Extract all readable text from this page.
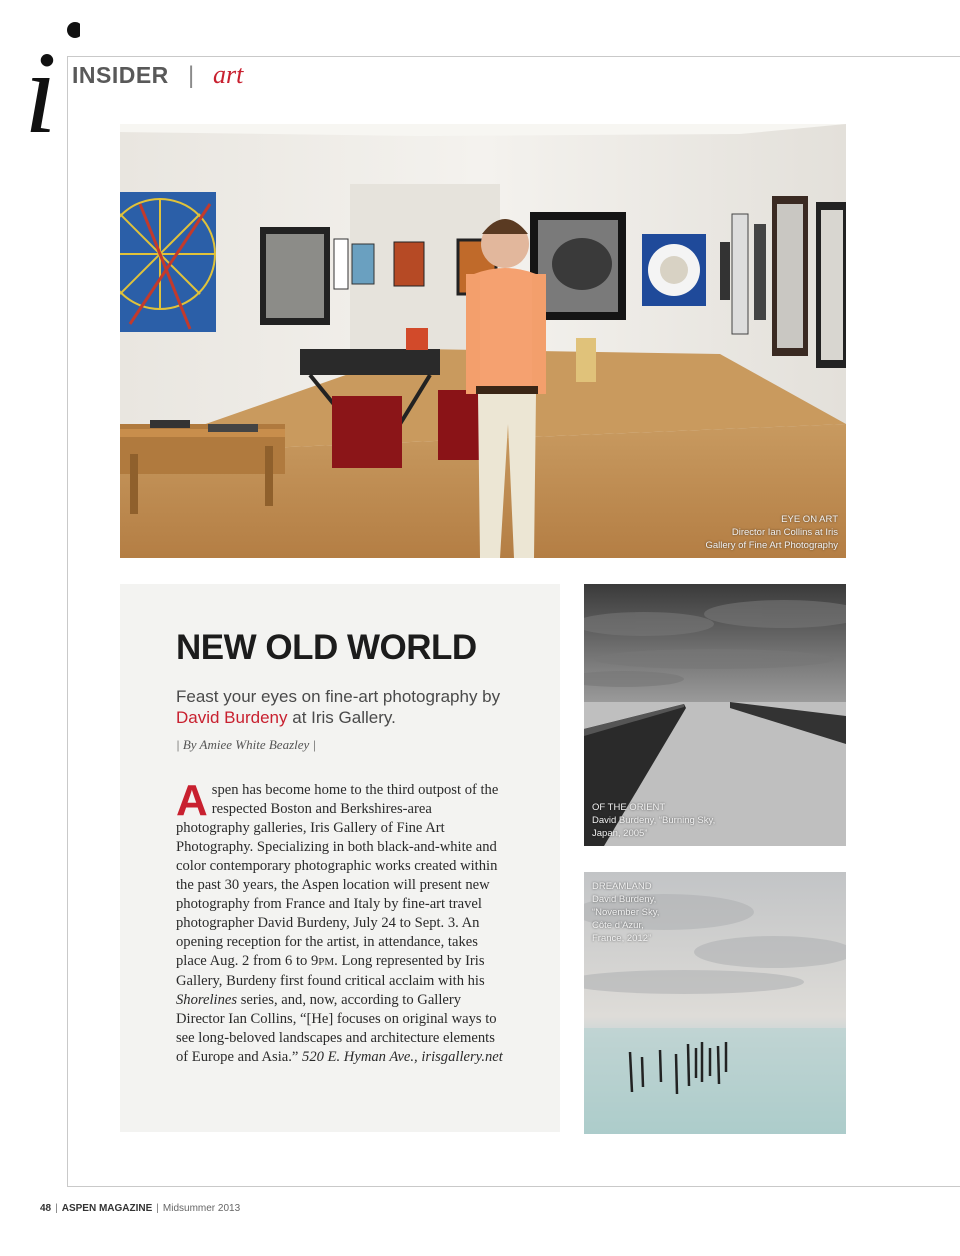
i INSIDER | art
EYE ON ART
Director Ian Collins at Iris
Gallery of Fine Art Photography
NEW OLD WORLD
Feast your eyes on fine-art photography by David Burdeny at Iris Gallery.
| By Amiee White Beazley |

Aspen has become home to the third outpost of the respected Boston and Berkshires-area photography galleries, Iris Gallery of Fine Art Photography. Specializing in both black-and-white and color contemporary photographic works created within the past 30 years, the Aspen location will present new photography from France and Italy by fine-art travel photographer David Burdeny, July 24 to Sept. 3. An opening reception for the artist, in attendance, takes place Aug. 2 from 6 to 9PM. Long represented by Iris Gallery, Burdeny first found critical acclaim with his Shorelines series, and, now, according to Gallery Director Ian Collins, “[He] focuses on original ways to see long-beloved landscapes and architecture elements of Europe and Asia.” 520 E. Hyman Ave., irisgallery.net

OF THE ORIENT
David Burdeny, “Burning Sky,
Japan, 2005”
DREAMLAND
David Burdeny,
“November Sky,
Côte d’Azur,
France, 2012”
48 | ASPEN MAGAZINE | Midsummer 2013
